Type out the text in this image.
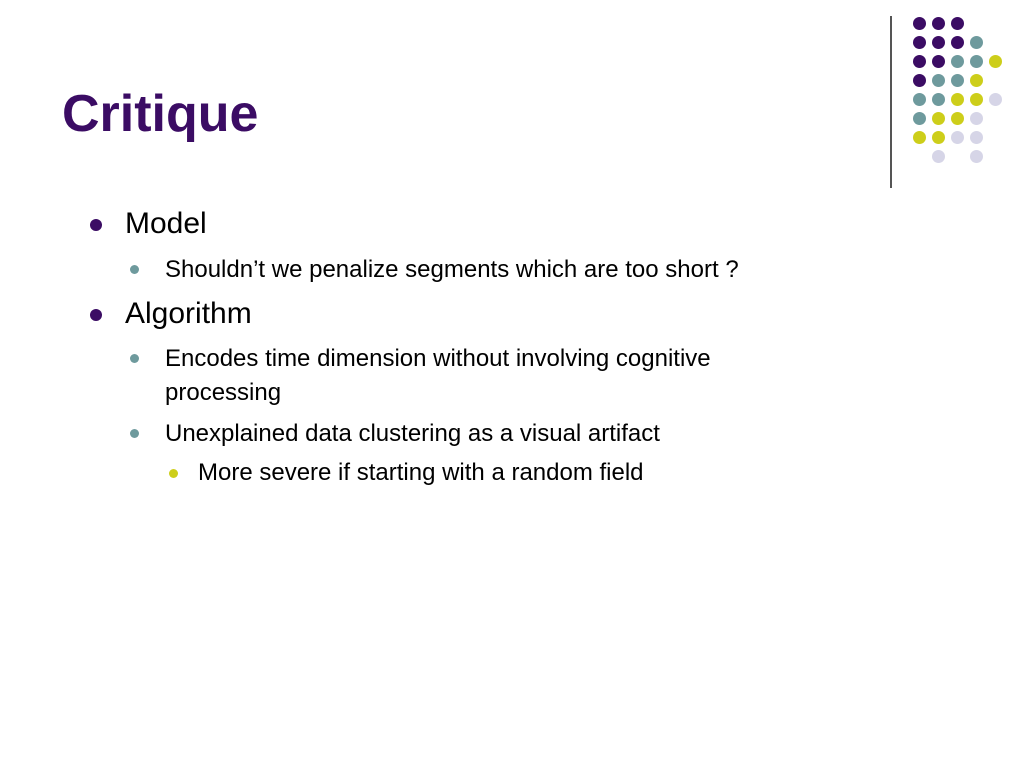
Critique
Model
Shouldn’t we penalize segments which are too short ?
Algorithm
Encodes time dimension without involving cognitive
processing
Unexplained data clustering as a visual artifact
More severe if starting with a random field
